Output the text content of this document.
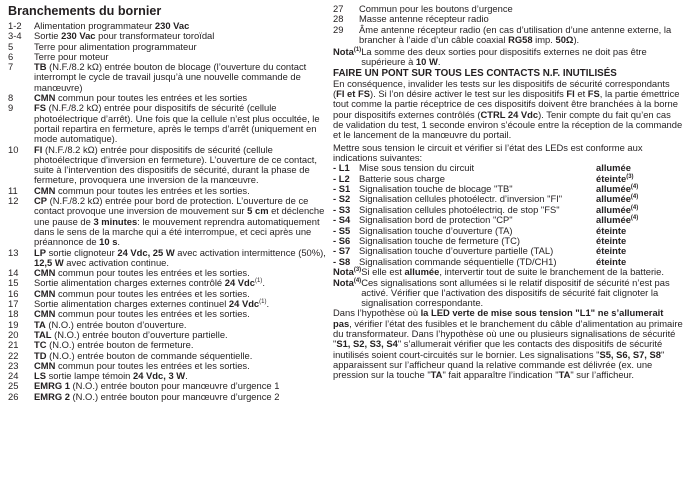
Branchements du bornier
1-2	Alimentation programmateur 230 Vac
3-4	Sortie 230 Vac pour transformateur toroïdal
5	Terre pour alimentation programmateur
6	Terre pour moteur
7	TB (N.F./8.2 kΩ) entrée bouton de blocage (l’ouverture du contact interrompt le cycle de travail jusqu’à une nouvelle commande de manœuvre)
8	CMN commun pour toutes les entrées et les sorties
9	FS (N.F./8.2 kΩ) entrée pour dispositifs de sécurité (cellule photoélectrique d’arrêt). Une fois que la cellule n’est plus occultée, le portail repartira en fermeture, après le temps d’arrêt (uniquement en mode automatique).
10	FI (N.F./8.2 kΩ) entrée pour dispositifs de sécurité (cellule photoélectrique d’inversion en fermeture). L’ouverture de ce contact, suite à l’intervention des dispositifs de sécurité, durant la phase de fermeture, provoquera une inversion de la manœuvre.
11	CMN commun pour toutes les entrées et les sorties.
12	CP (N.F./8.2 kΩ) entrée pour bord de protection. L’ouverture de ce contact provoque une inversion de mouvement sur 5 cm et déclenche une pause de 3 minutes: le mouvement reprendra automatiquement dans le sens de la marche qui a été interrompue, et ceci après une préannonce de 10 s.
13	LP sortie clignoteur 24 Vdc, 25 W avec activation intermittence (50%), 12,5 W avec activation continue.
14	CMN commun pour toutes les entrées et les sorties.
15	Sortie alimentation charges externes contrôlé 24 Vdc$^{(1)}$.
16	CMN commun pour toutes les entrées et les sorties.
17	Sortie alimentation charges externes continuel 24 Vdc$^{(1)}$.
18	CMN commun pour toutes les entrées et les sorties.
19	TA (N.O.) entrée bouton d’ouverture.
20	TAL (N.O.) entrée bouton d’ouverture partielle.
21	TC (N.O.) entrée bouton de fermeture.
22	TD (N.O.) entrée bouton de commande séquentielle.
23	CMN commun pour toutes les entrées et les sorties.
24	LS sortie lampe témoin 24 Vdc, 3 W.
25	EMRG 1 (N.O.) entrée bouton pour manœuvre d’urgence 1
26	EMRG 2 (N.O.) entrée bouton pour manœuvre d’urgence 2
27	Commun pour les boutons d’urgence
28	Masse antenne récepteur radio
29	Âme antenne récepteur radio (en cas d’utilisation d’une antenne externe, la brancher à l’aide d’un câble coaxial RG58 imp. 50Ω).
Nota$^{(1)}$ La somme des deux sorties pour dispositifs externes ne doit pas être supérieure à 10 W.
FAIRE UN PONT SUR TOUS LES CONTACTS N.F. INUTILISÉS

En conséquence, invalider les tests sur les dispositifs de sécurité correspondants (FI et FS). Si l’on désire activer le test sur les dispositifs FI et FS, la partie émettrice tout comme la partie réceptrice de ces dispositifs doivent être branchées à la borne pour dispositifs externes contrôlés (CTRL 24 Vdc). Tenir compte du fait qu’en cas de validation du test, 1 seconde environ s’écoule entre la réception de la commande et le lancement de la manœuvre du portail.

Mettre sous tension le circuit et vérifier si l’état des LEDs est conforme aux indications suivantes:

- L1 Mise sous tension du circuit	allumée
- L2 Batterie sous charge	éteinte$^{(3)}$
- S1 Signalisation touche de blocage "TB"	allumée$^{(4)}$
- S2 Signalisation cellules photoélectr. d’inversion "FI"	allumée$^{(4)}$
- S3 Signalisation cellules photoélectriq. de stop "FS"	allumée$^{(4)}$
- S4 Signalisation bord de protection "CP"	allumée$^{(4)}$
- S5 Signalisation touche d’ouverture (TA)	éteinte
- S6 Signalisation touche de fermeture (TC)	éteinte
- S7 Signalisation touche d’ouverture partielle (TAL)	éteinte
- S8 Signalisation commande séquentielle (TD/CH1)	éteinte
Nota$^{(3)}$ Si elle est allumée, intervertir tout de suite le branchement de la batterie.
Nota$^{(4)}$ Ces signalisations sont allumées si le relatif dispositif de sécurité n’est pas activé. Vérifier que l’activation des dispositifs de sécurité fait clignoter la signalisation correspondante.

Dans l’hypothèse où la LED verte de mise sous tension "L1" ne s’allumerait pas, vérifier l’état des fusibles et le branchement du câble d’alimentation au primaire du transformateur. Dans l’hypothèse où une ou plusieurs signalisations de sécurité "S1, S2, S3, S4" s’allumerait vérifier que les contacts des dispositifs de sécurité inutilisés soient court-circuités sur le bornier. Les signalisations "S5, S6, S7, S8" apparaissent sur l’afficheur quand la relative commande est délivrée (ex. une pression sur la touche "TA" fait apparaître l’indication "TA" sur l’afficheur.
